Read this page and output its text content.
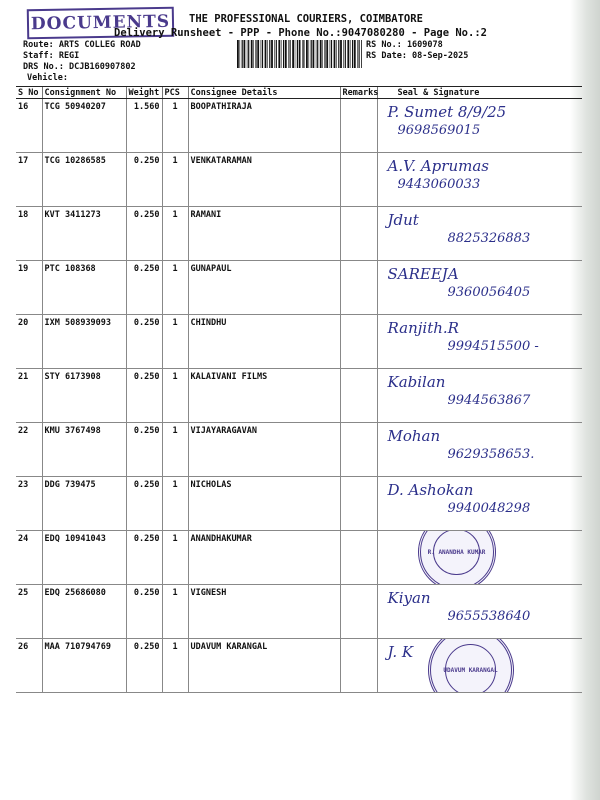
DOCUMENTS	THE PROFESSIONAL COURIERS, COIMBATORE
Delivery Runsheet - PPP - Phone No.:9047080280 - Page No.:2
Route: ARTS COLLEG ROAD
Staff: REGI
DRS No.: DCJB160907802
Vehicle:
RS No.: 1609078
RS Date: 08-Sep-2025
S No	Consignment No	Weight	PCS	Consignee Details	Remarks	Seal & Signature
16	TCG 50940207	1.560	1	BOOPATHIRAJA		P. Sumet 8/9/25
9698569015

17	TCG 10286585	0.250	1	VENKATARAMAN		A.V. Aprumas
9443060033

18	KVT 3411273	0.250	1	RAMANI		Jdut
8825326883

19	PTC 108368	0.250	1	GUNAPAUL		SAREEJA
9360056405

20	IXM 508939093	0.250	1	CHINDHU		Ranjith.R
9994515500 -

21	STY 6173908	0.250	1	KALAIVANI FILMS		Kabilan
9944563867

22	KMU 3767498	0.250	1	VIJAYARAGAVAN		Mohan
9629358653.

23	DDG 739475	0.250	1	NICHOLAS		D. Ashokan
9940048298

24	EDQ 10941043	0.250	1	ANANDHAKUMAR		R. ANANDHA KUMAR

25	EDQ 25686080	0.250	1	VIGNESH		Kiyan
9655538640

26	MAA 710794769	0.250	1	UDAVUM KARANGAL		J. K
UDAVUM KARANGAL
